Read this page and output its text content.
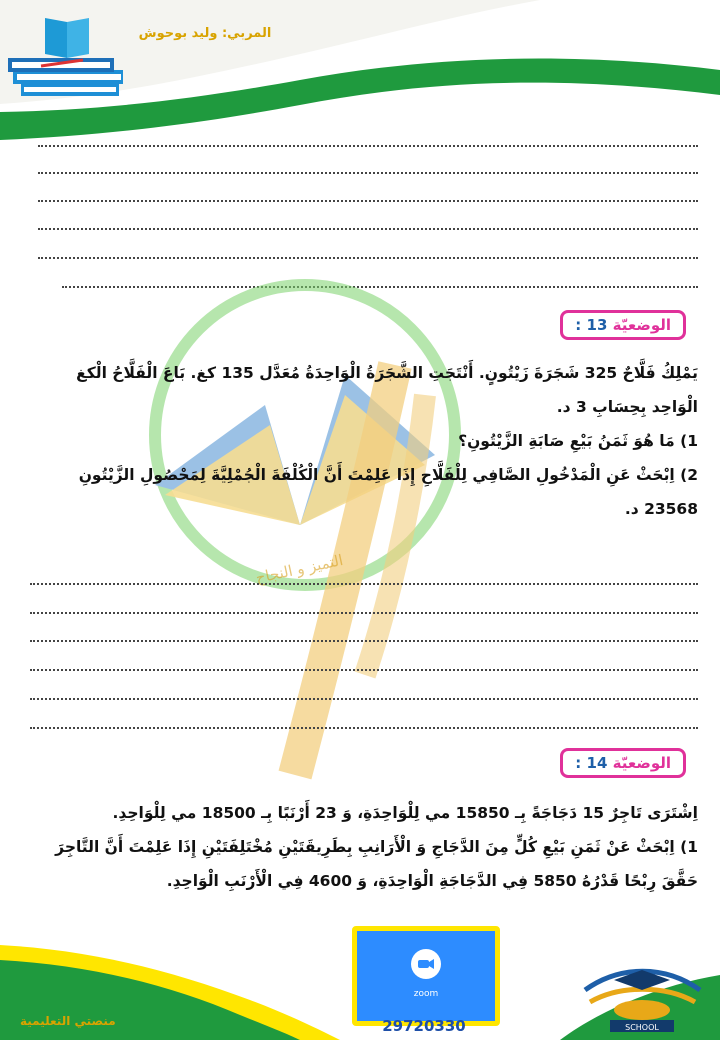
المربي: وليد بوحوش
التميز و النجاح
الوضعيّة 13 :
يَمْلِكُ فَلَّاحٌ 325 شَجَرَةَ زَيْتُونٍ. أَنْتَجَتِ الشَّجَرَةُ الْوَاحِدَةُ مُعَدَّل 135 كغ. بَاعَ الْفَلَّاحُ الْكغ الْوَاحِد بِحِسَابِ 3 د.
1) مَا هُوَ ثَمَنُ بَيْعِ صَابَةِ الزَّيْتُونِ؟
2) اِبْحَثْ عَنِ الْمَدْخُولِ الصَّافِي لِلْفَلَّاحِ إِذَا عَلِمْتَ أَنَّ الْكُلْفَةَ الْجُمْلِيَّةَ لِمَحْصُولِ الزَّيْتُونِ 23568 د.
الوضعيّة 14 :
اِشْتَرَى تَاجِرٌ 15 دَجَاجَةً بِـ 15850 مي لِلْوَاحِدَةِ، وَ 23 أَرْنَبًا بِـ 18500 مي لِلْوَاحِدِ.
1) اِبْحَثْ عَنْ ثَمَنِ بَيْعِ كُلٍّ مِنَ الدَّجَاجِ وَ الْأَرَانِبِ بِطَرِيقَتَيْنِ مُخْتَلِفَتَيْنِ إِذَا عَلِمْتَ أَنَّ التَّاجِرَ حَقَّقَ رِبْحًا قَدْرُهُ 5850 فِي الدَّجَاجَةِ الْوَاحِدَةِ، وَ 4600 فِي الْأَرْنَبِ الْوَاحِدِ.
منصتي التعليمية
zoom
29720330	SCHOOL
